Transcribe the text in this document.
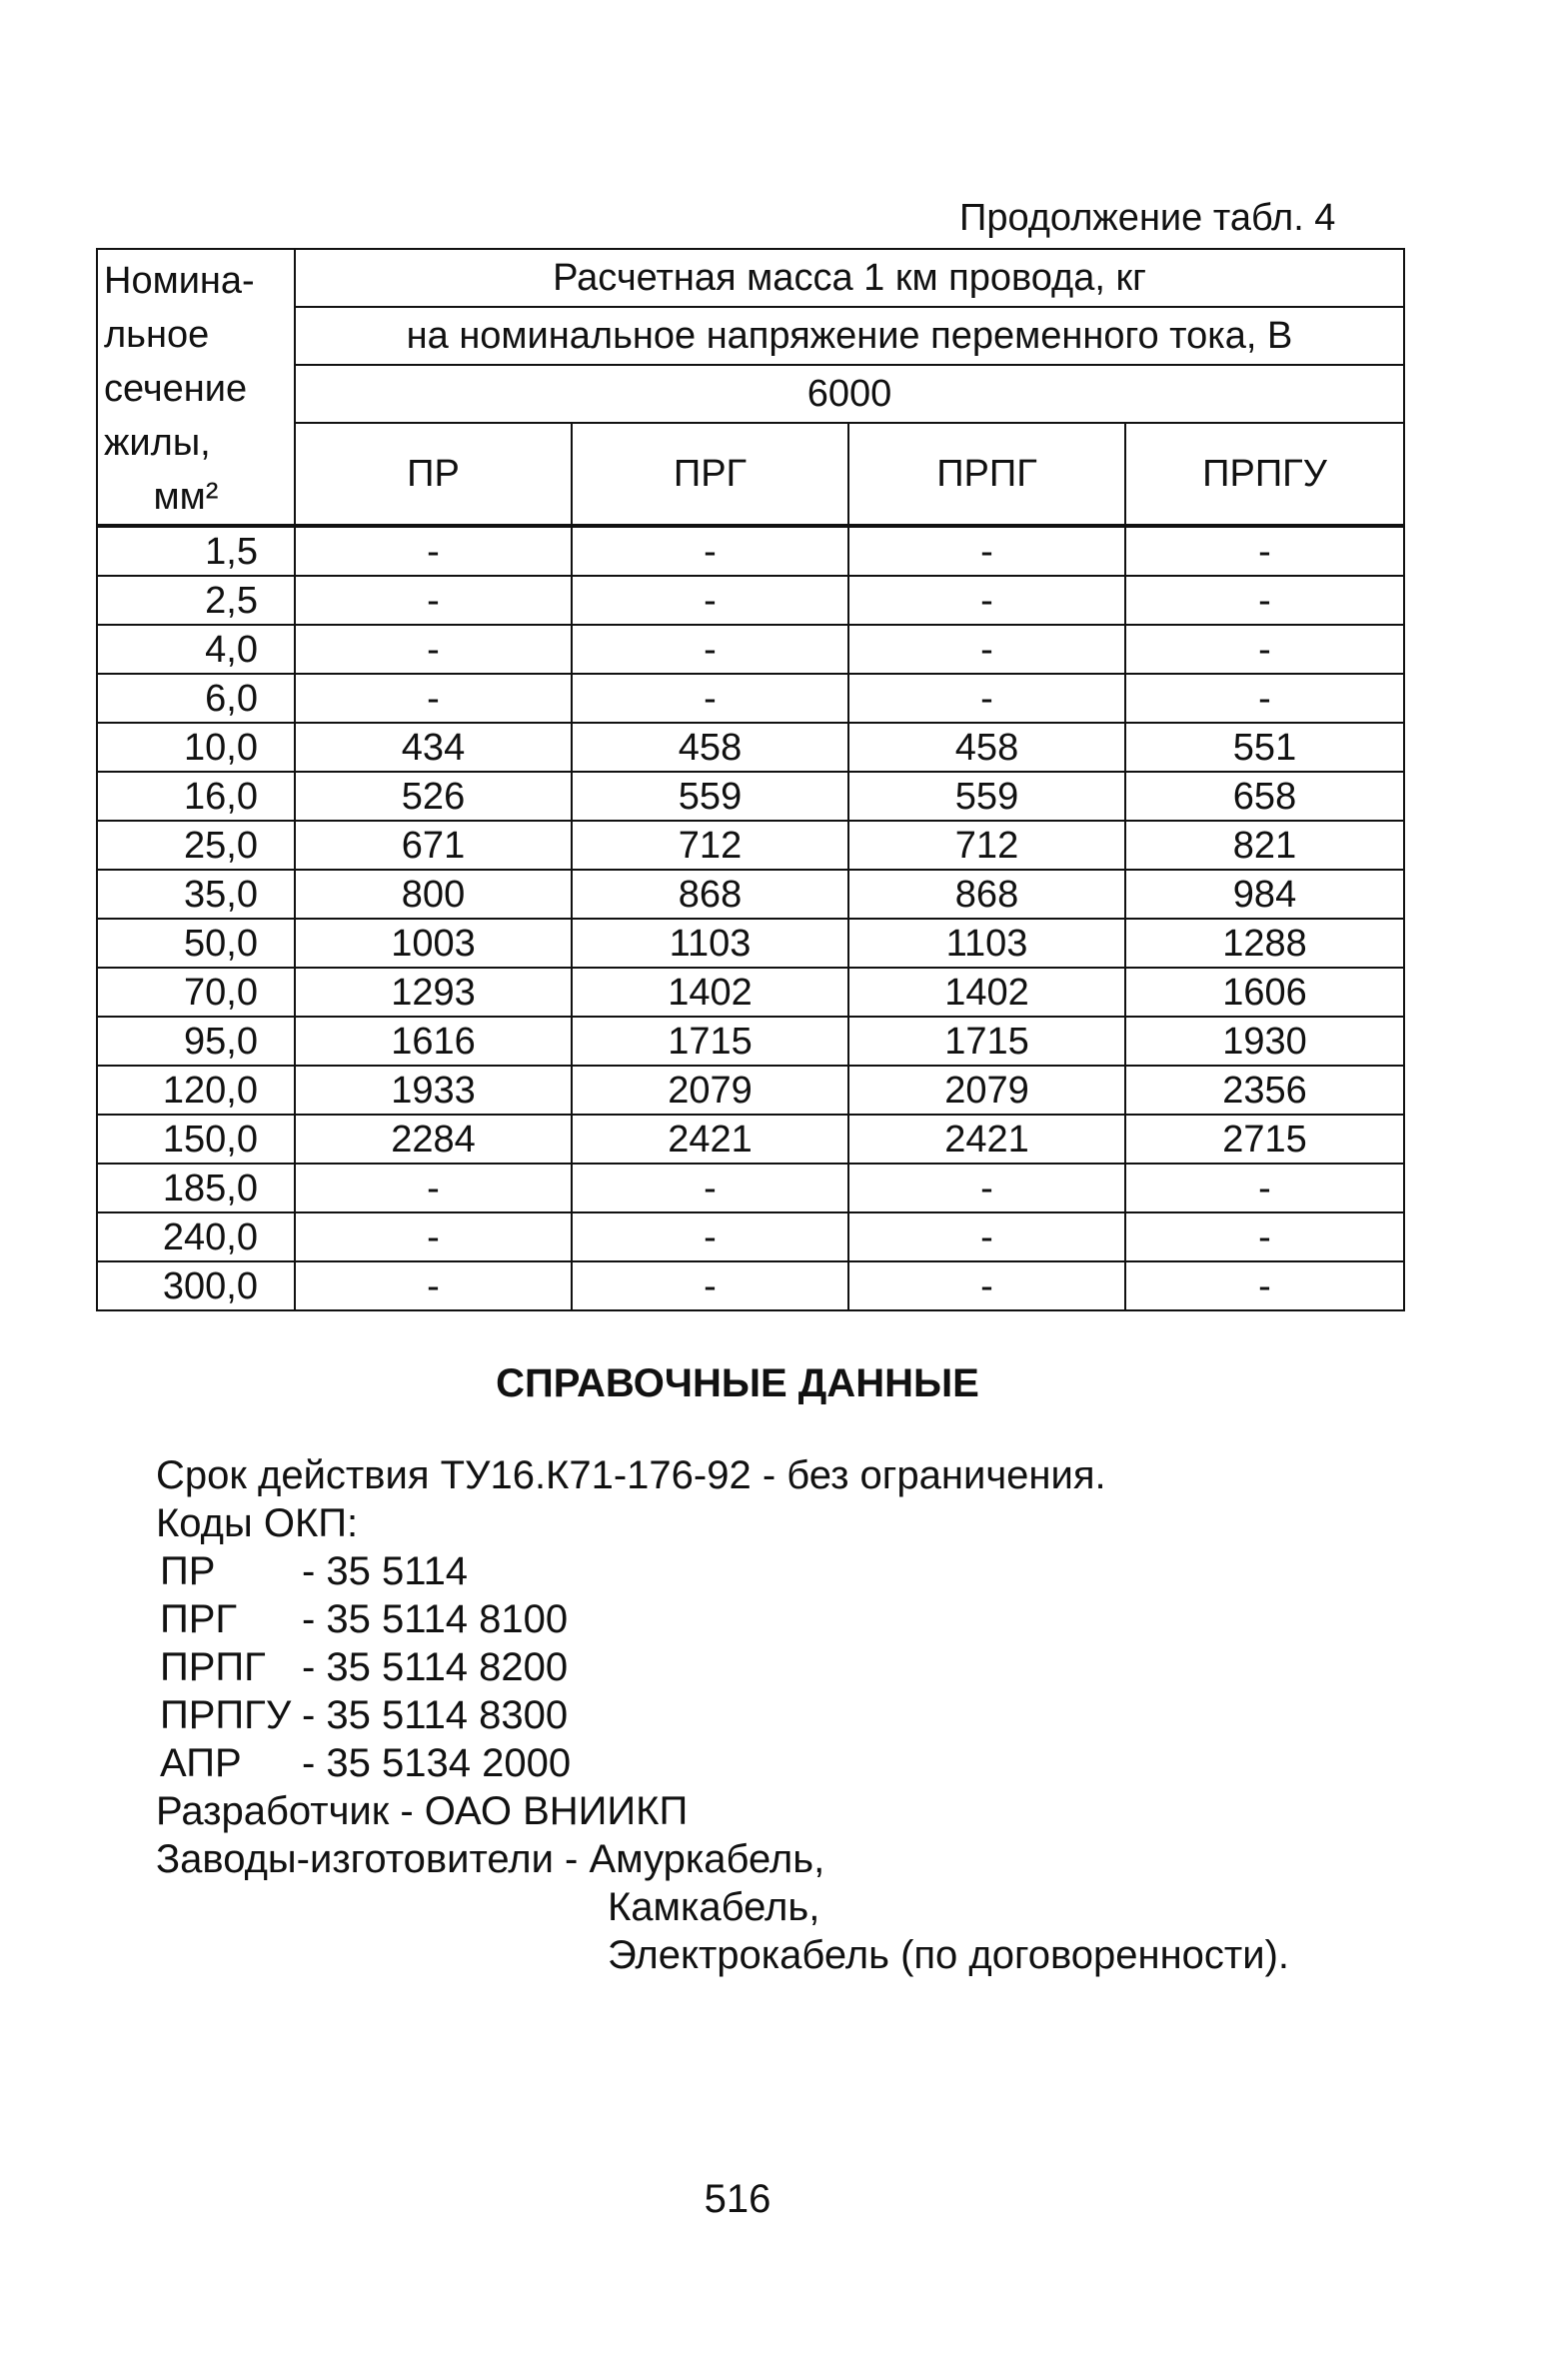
Продолжение табл. 4
Номина-льное сечение жилы,
мм²	Расчетная масса 1 км провода, кг			
	на номинальное напряжение переменного тока, В			
	6000			
	ПР	ПРГ	ПРПГ	ПРПГУ
1,5	-	-	-	-
2,5	-	-	-	-
4,0	-	-	-	-
6,0	-	-	-	-
10,0	434	458	458	551
16,0	526	559	559	658
25,0	671	712	712	821
35,0	800	868	868	984
50,0	1003	1103	1103	1288
70,0	1293	1402	1402	1606
95,0	1616	1715	1715	1930
120,0	1933	2079	2079	2356
150,0	2284	2421	2421	2715
185,0	-	-	-	-
240,0	-	-	-	-
300,0	-	-	-	-
СПРАВОЧНЫЕ ДАННЫЕ
Срок действия ТУ16.К71-176-92 - без ограничения.
Коды ОКП:
ПР - 35 5114
ПРГ - 35 5114 8100
ПРПГ - 35 5114 8200
ПРПГУ - 35 5114 8300
АПР - 35 5134 2000
Разработчик - ОАО ВНИИКП
Заводы-изготовители - Амуркабель,
Камкабель,
Электрокабель (по договоренности).
516
